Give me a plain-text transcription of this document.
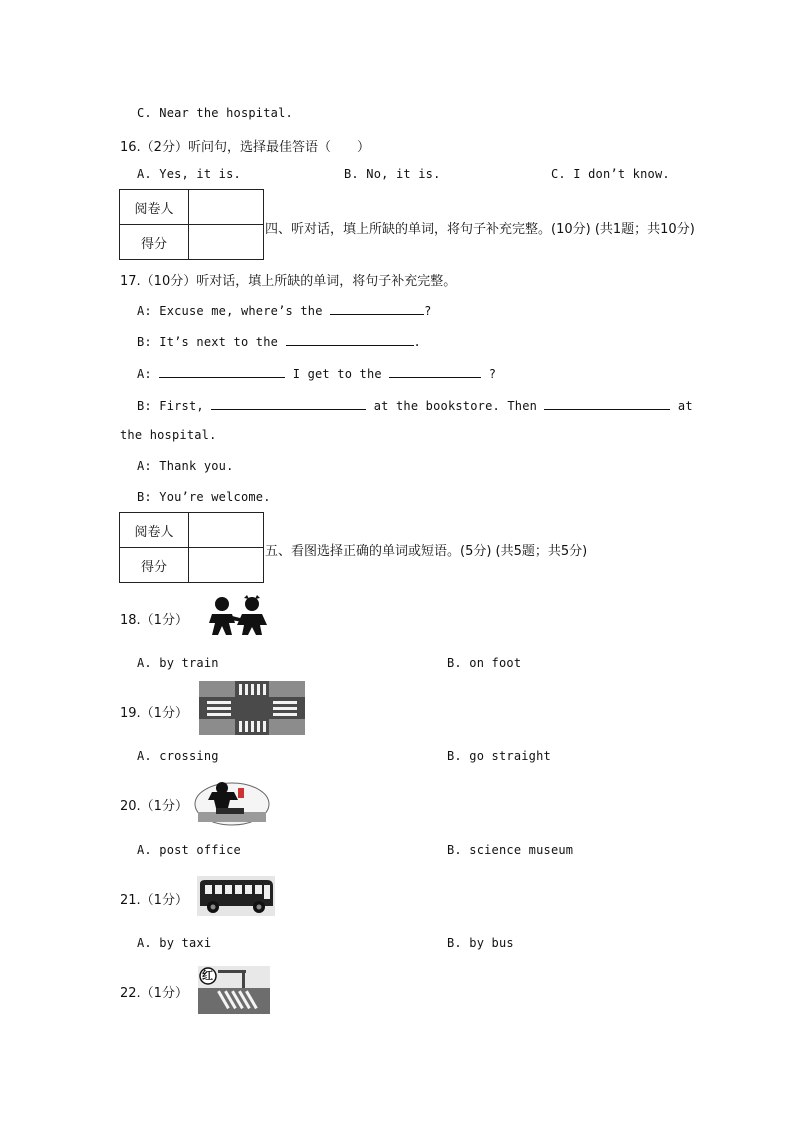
C. Near the hospital.
16.（2分）听问句，选择最佳答语（　　）
A. Yes, it is.	B. No, it is.	C. I don’t know.
阅卷人	
得分	
四、听对话，填上所缺的单词，将句子补充完整。(10分) (共1题；共10分)
17.（10分）听对话，填上所缺的单词，将句子补充完整。
A: Excuse me, where’s the	?
B: It’s next to the	.
A:	I get to the	?
B: First,	at the bookstore. Then	at
the hospital.
A: Thank you.
B: You’re welcome.
阅卷人	
得分	
五、看图选择正确的单词或短语。(5分) (共5题；共5分)
18.（1分）
A. by train	B. on foot
19.（1分）
A. crossing	B. go straight
20.（1分）
A. post office	B. science museum
21.（1分）
A. by taxi	B. by bus
22.（1分）
红
